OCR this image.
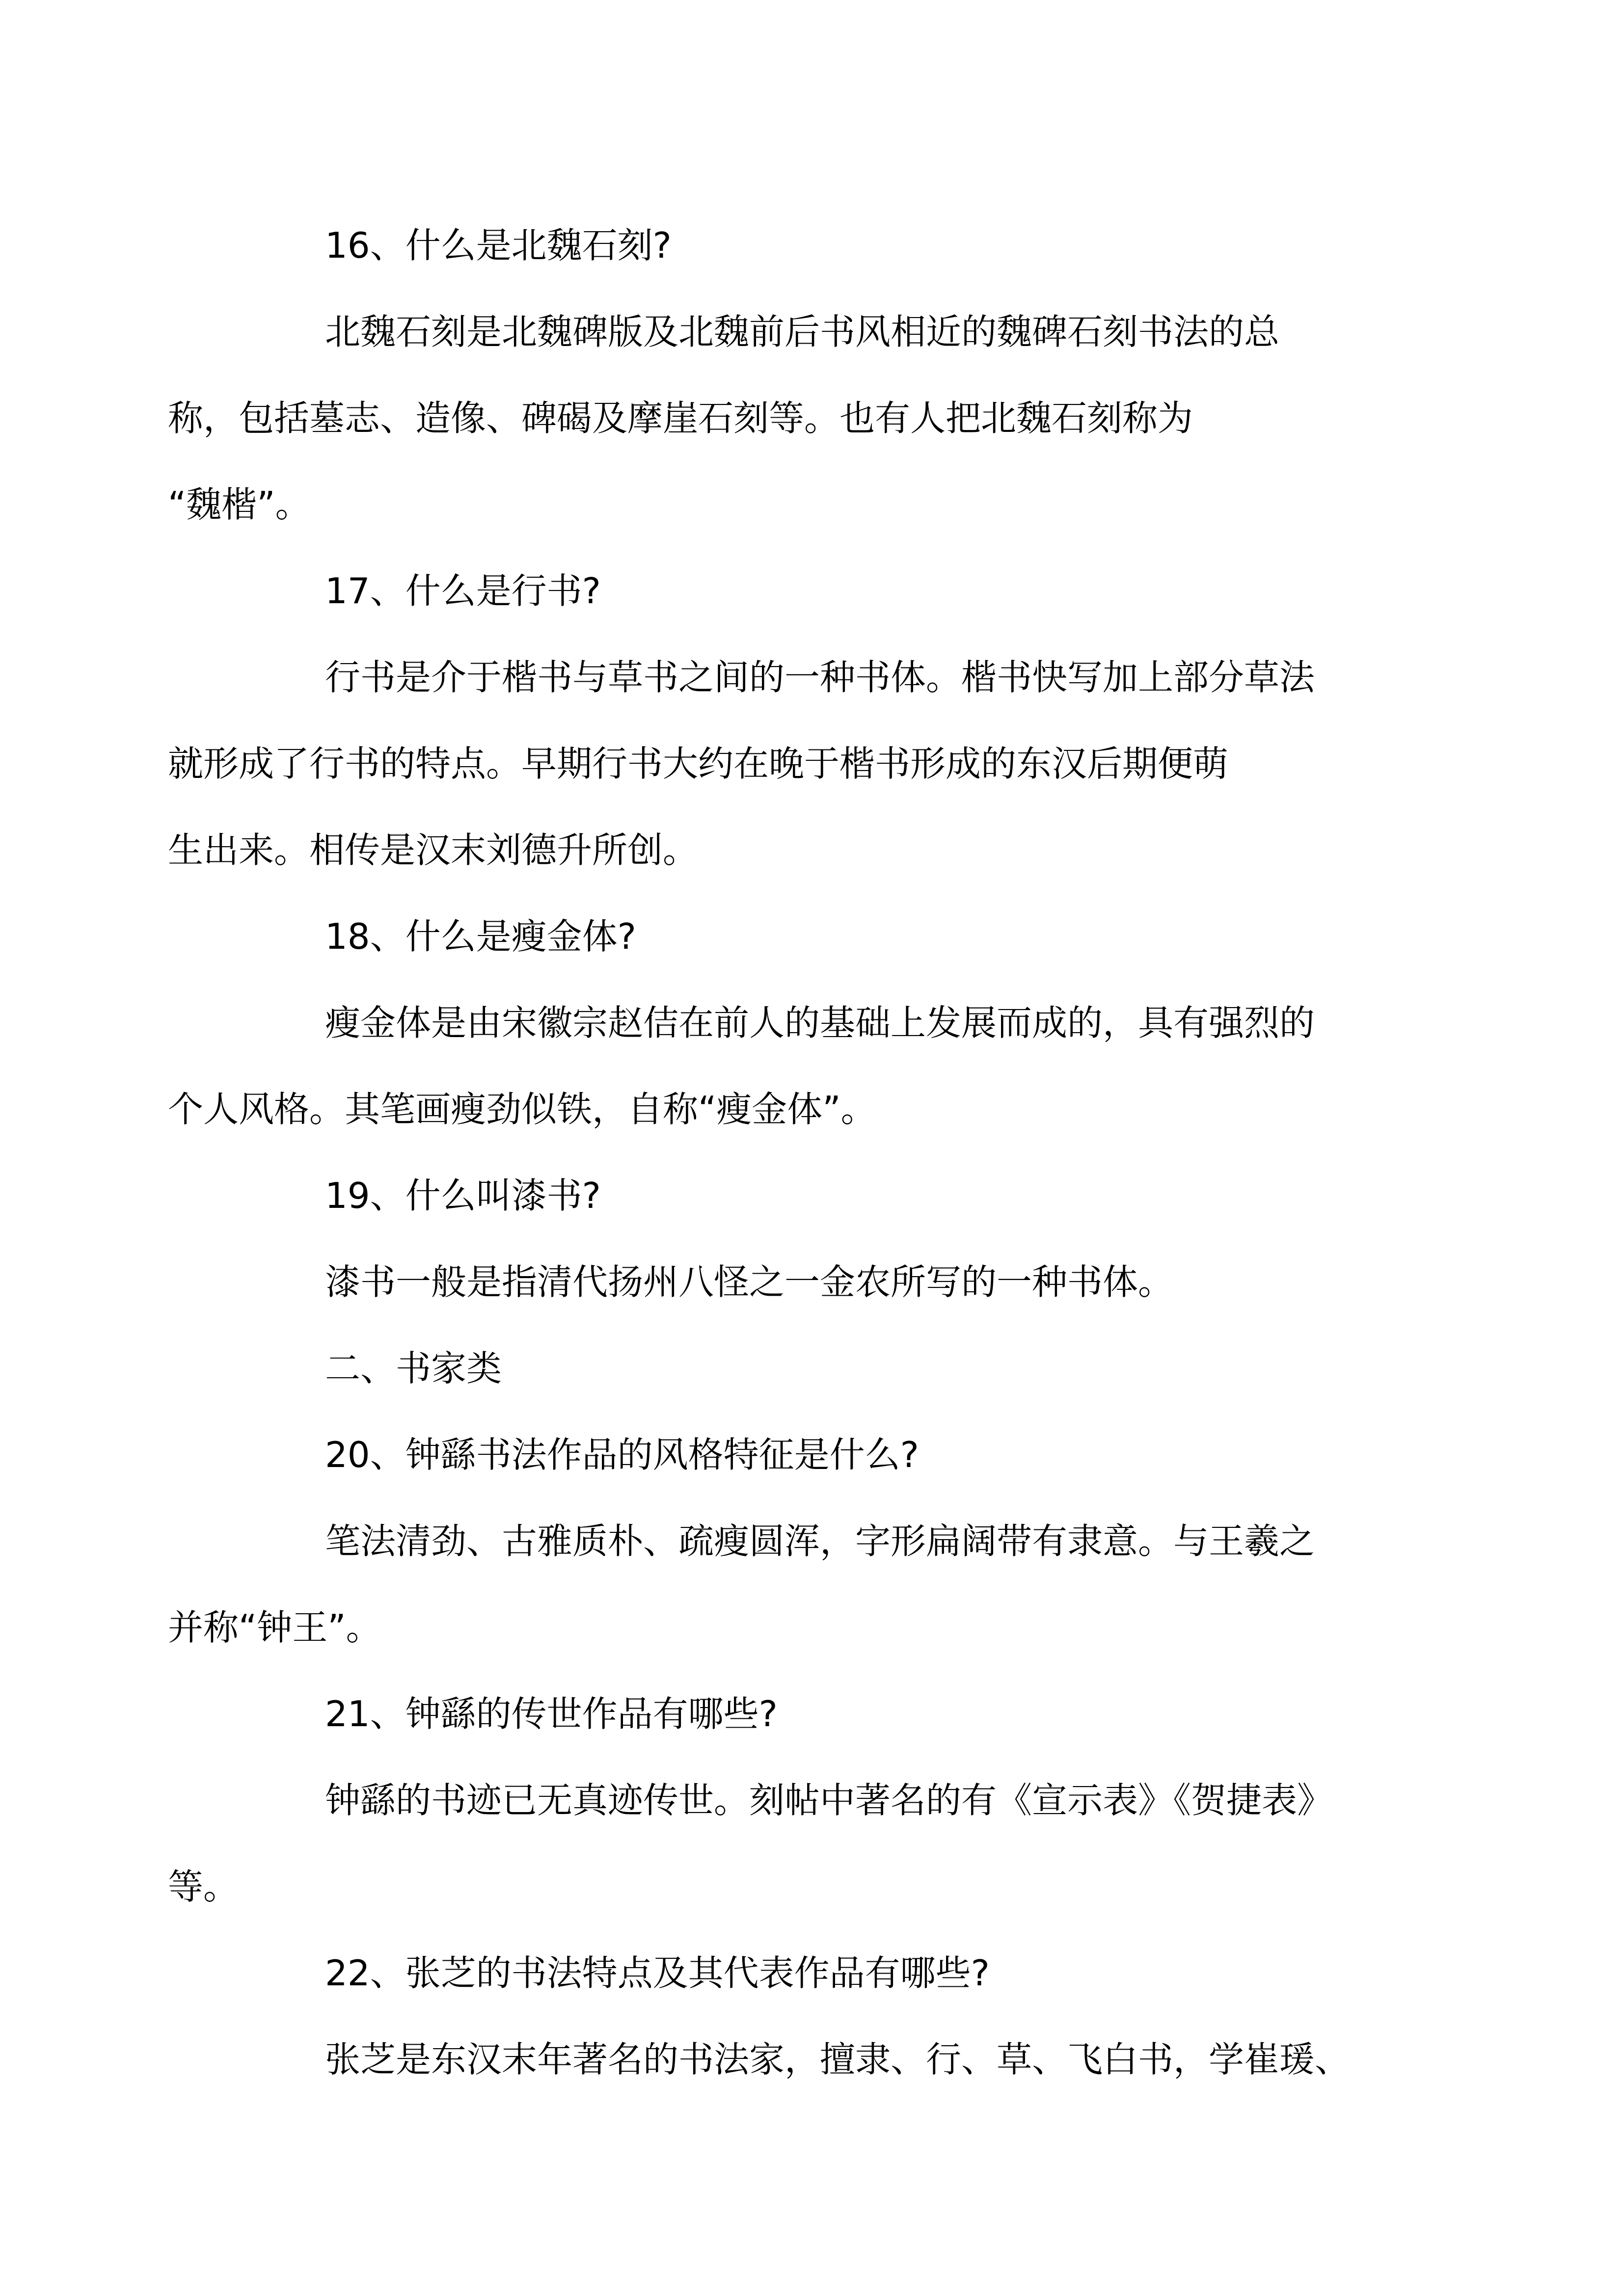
16、什么是北魏石刻?

北魏石刻是北魏碑版及北魏前后书风相近的魏碑石刻书法的总
称，包括墓志、造像、碑碣及摩崖石刻等。也有人把北魏石刻称为
“魏楷”。

17、什么是行书?

行书是介于楷书与草书之间的一种书体。楷书快写加上部分草法
就形成了行书的特点。早期行书大约在晚于楷书形成的东汉后期便萌
生出来。相传是汉末刘德升所创。

18、什么是瘦金体?

瘦金体是由宋徽宗赵佶在前人的基础上发展而成的，具有强烈的
个人风格。其笔画瘦劲似铁，自称“瘦金体”。

19、什么叫漆书?

漆书一般是指清代扬州八怪之一金农所写的一种书体。

二、书家类

20、钟繇书法作品的风格特征是什么?

笔法清劲、古雅质朴、疏瘦圆浑，字形扁阔带有隶意。与王羲之
并称“钟王”。

21、钟繇的传世作品有哪些?

钟繇的书迹已无真迹传世。刻帖中著名的有《宣示表》《贺捷表》
等。

22、张芝的书法特点及其代表作品有哪些?

张芝是东汉末年著名的书法家，擅隶、行、草、飞白书，学崔瑗、
